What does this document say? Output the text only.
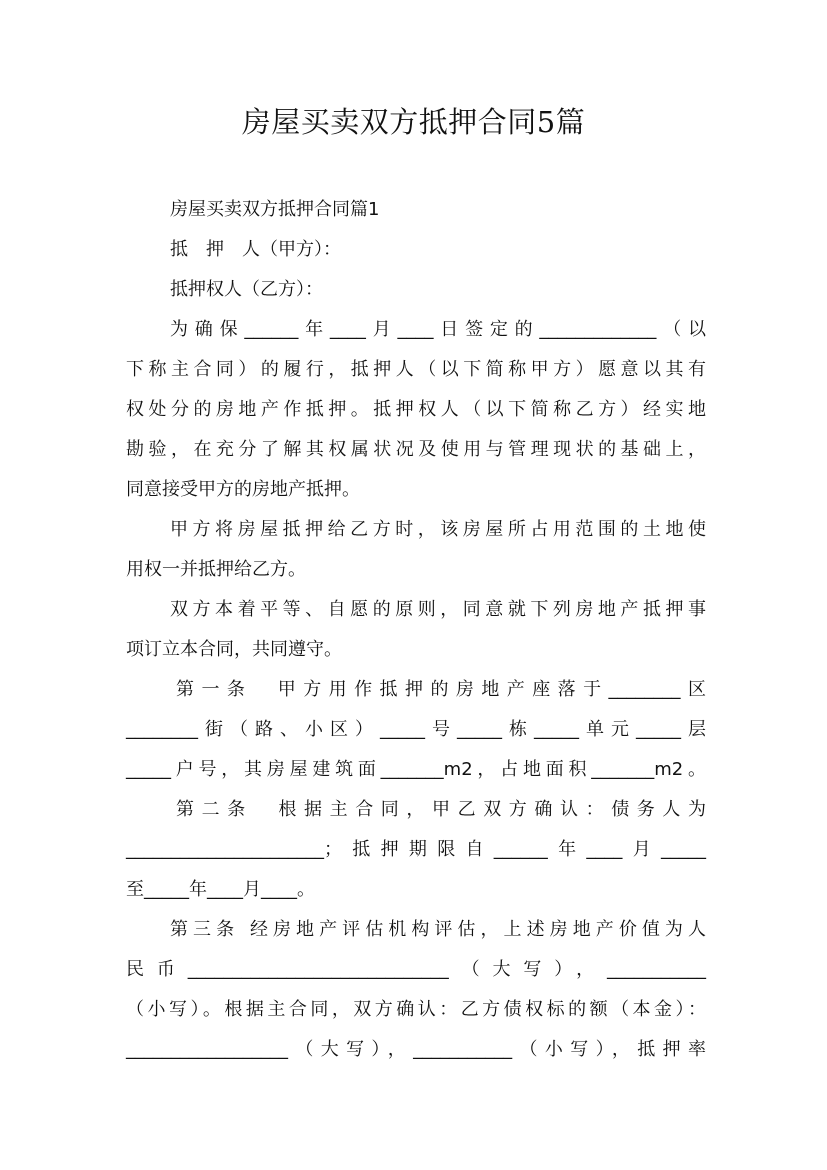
房屋买卖双方抵押合同5篇
房屋买卖双方抵押合同篇1
抵　押　人（甲方）：
抵押权人（乙方）：
为确保______年____月____日签定的_____________（以
下称主合同）的履行，抵押人（以下简称甲方）愿意以其有
权处分的房地产作抵押。抵押权人（以下简称乙方）经实地
勘验，在充分了解其权属状况及使用与管理现状的基础上，
同意接受甲方的房地产抵押。
甲方将房屋抵押给乙方时，该房屋所占用范围的土地使
用权一并抵押给乙方。
双方本着平等、自愿的原则，同意就下列房地产抵押事
项订立本合同，共同遵守。
第一条　甲方用作抵押的房地产座落于________区
________街（路、小区）_____号_____栋_____单元_____层
_____户号，其房屋建筑面_______m2，占地面积_______m2。
第二条　根据主合同，甲乙双方确认：债务人为
______________________；抵押期限自______年____月_____
至_____年____月____。
第三条 经房地产评估机构评估，上述房地产价值为人
民币_____________________________（大写），___________
（小写）。根据主合同，双方确认：乙方债权标的额（本金）：
__________________（大写），___________（小写），抵押率
